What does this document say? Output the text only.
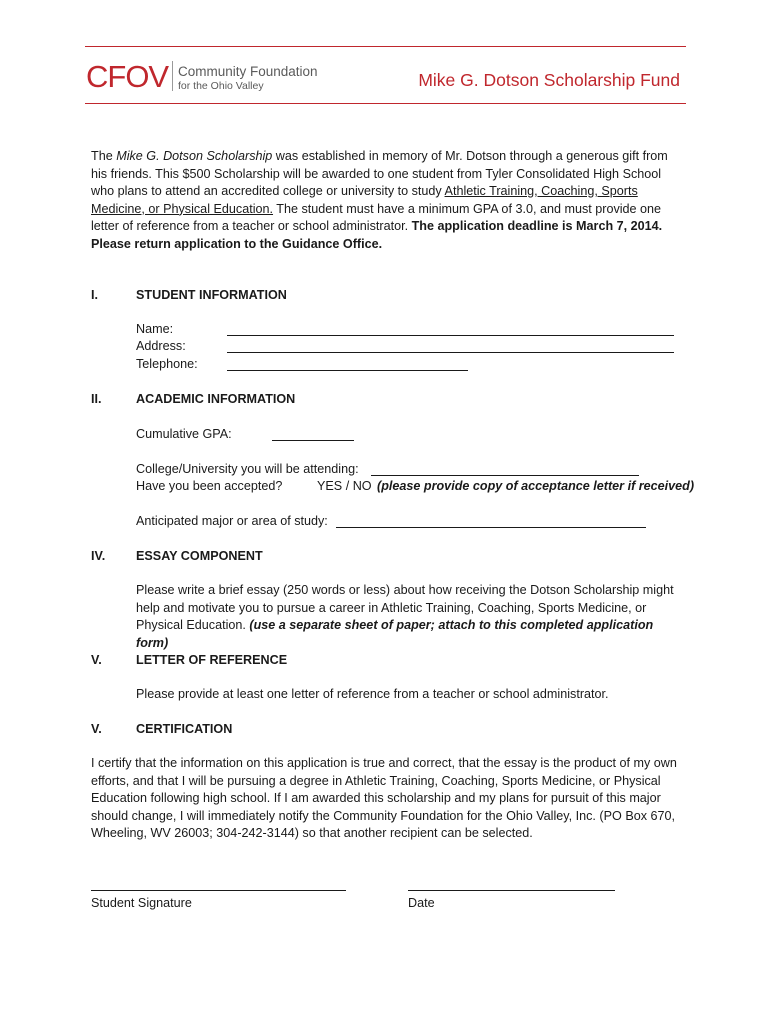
CFOV Community Foundation
for the Ohio Valley	Mike G. Dotson Scholarship Fund
The Mike G. Dotson Scholarship was established in memory of Mr. Dotson through a generous gift from his friends. This $500 Scholarship will be awarded to one student from Tyler Consolidated High School who plans to attend an accredited college or university to study Athletic Training, Coaching, Sports Medicine, or Physical Education. The student must have a minimum GPA of 3.0, and must provide one letter of reference from a teacher or school administrator. The application deadline is March 7, 2014. Please return application to the Guidance Office.
I.	STUDENT INFORMATION
Name:
Address:
Telephone:
II.	ACADEMIC INFORMATION
Cumulative GPA:
College/University you will be attending:
Have you been accepted?	YES / NO (please provide copy of acceptance letter if received)
Anticipated major or area of study:
IV. ESSAY COMPONENT
Please write a brief essay (250 words or less) about how receiving the Dotson Scholarship might help and motivate you to pursue a career in Athletic Training, Coaching, Sports Medicine, or Physical Education. (use a separate sheet of paper; attach to this completed application form)
V.	LETTER OF REFERENCE
Please provide at least one letter of reference from a teacher or school administrator.
V.	CERTIFICATION
I certify that the information on this application is true and correct, that the essay is the product of my own efforts, and that I will be pursuing a degree in Athletic Training, Coaching, Sports Medicine, or Physical Education following high school. If I am awarded this scholarship and my plans for pursuit of this major should change, I will immediately notify the Community Foundation for the Ohio Valley, Inc. (PO Box 670, Wheeling, WV 26003; 304-242-3144) so that another recipient can be selected.
Student Signature	Date
